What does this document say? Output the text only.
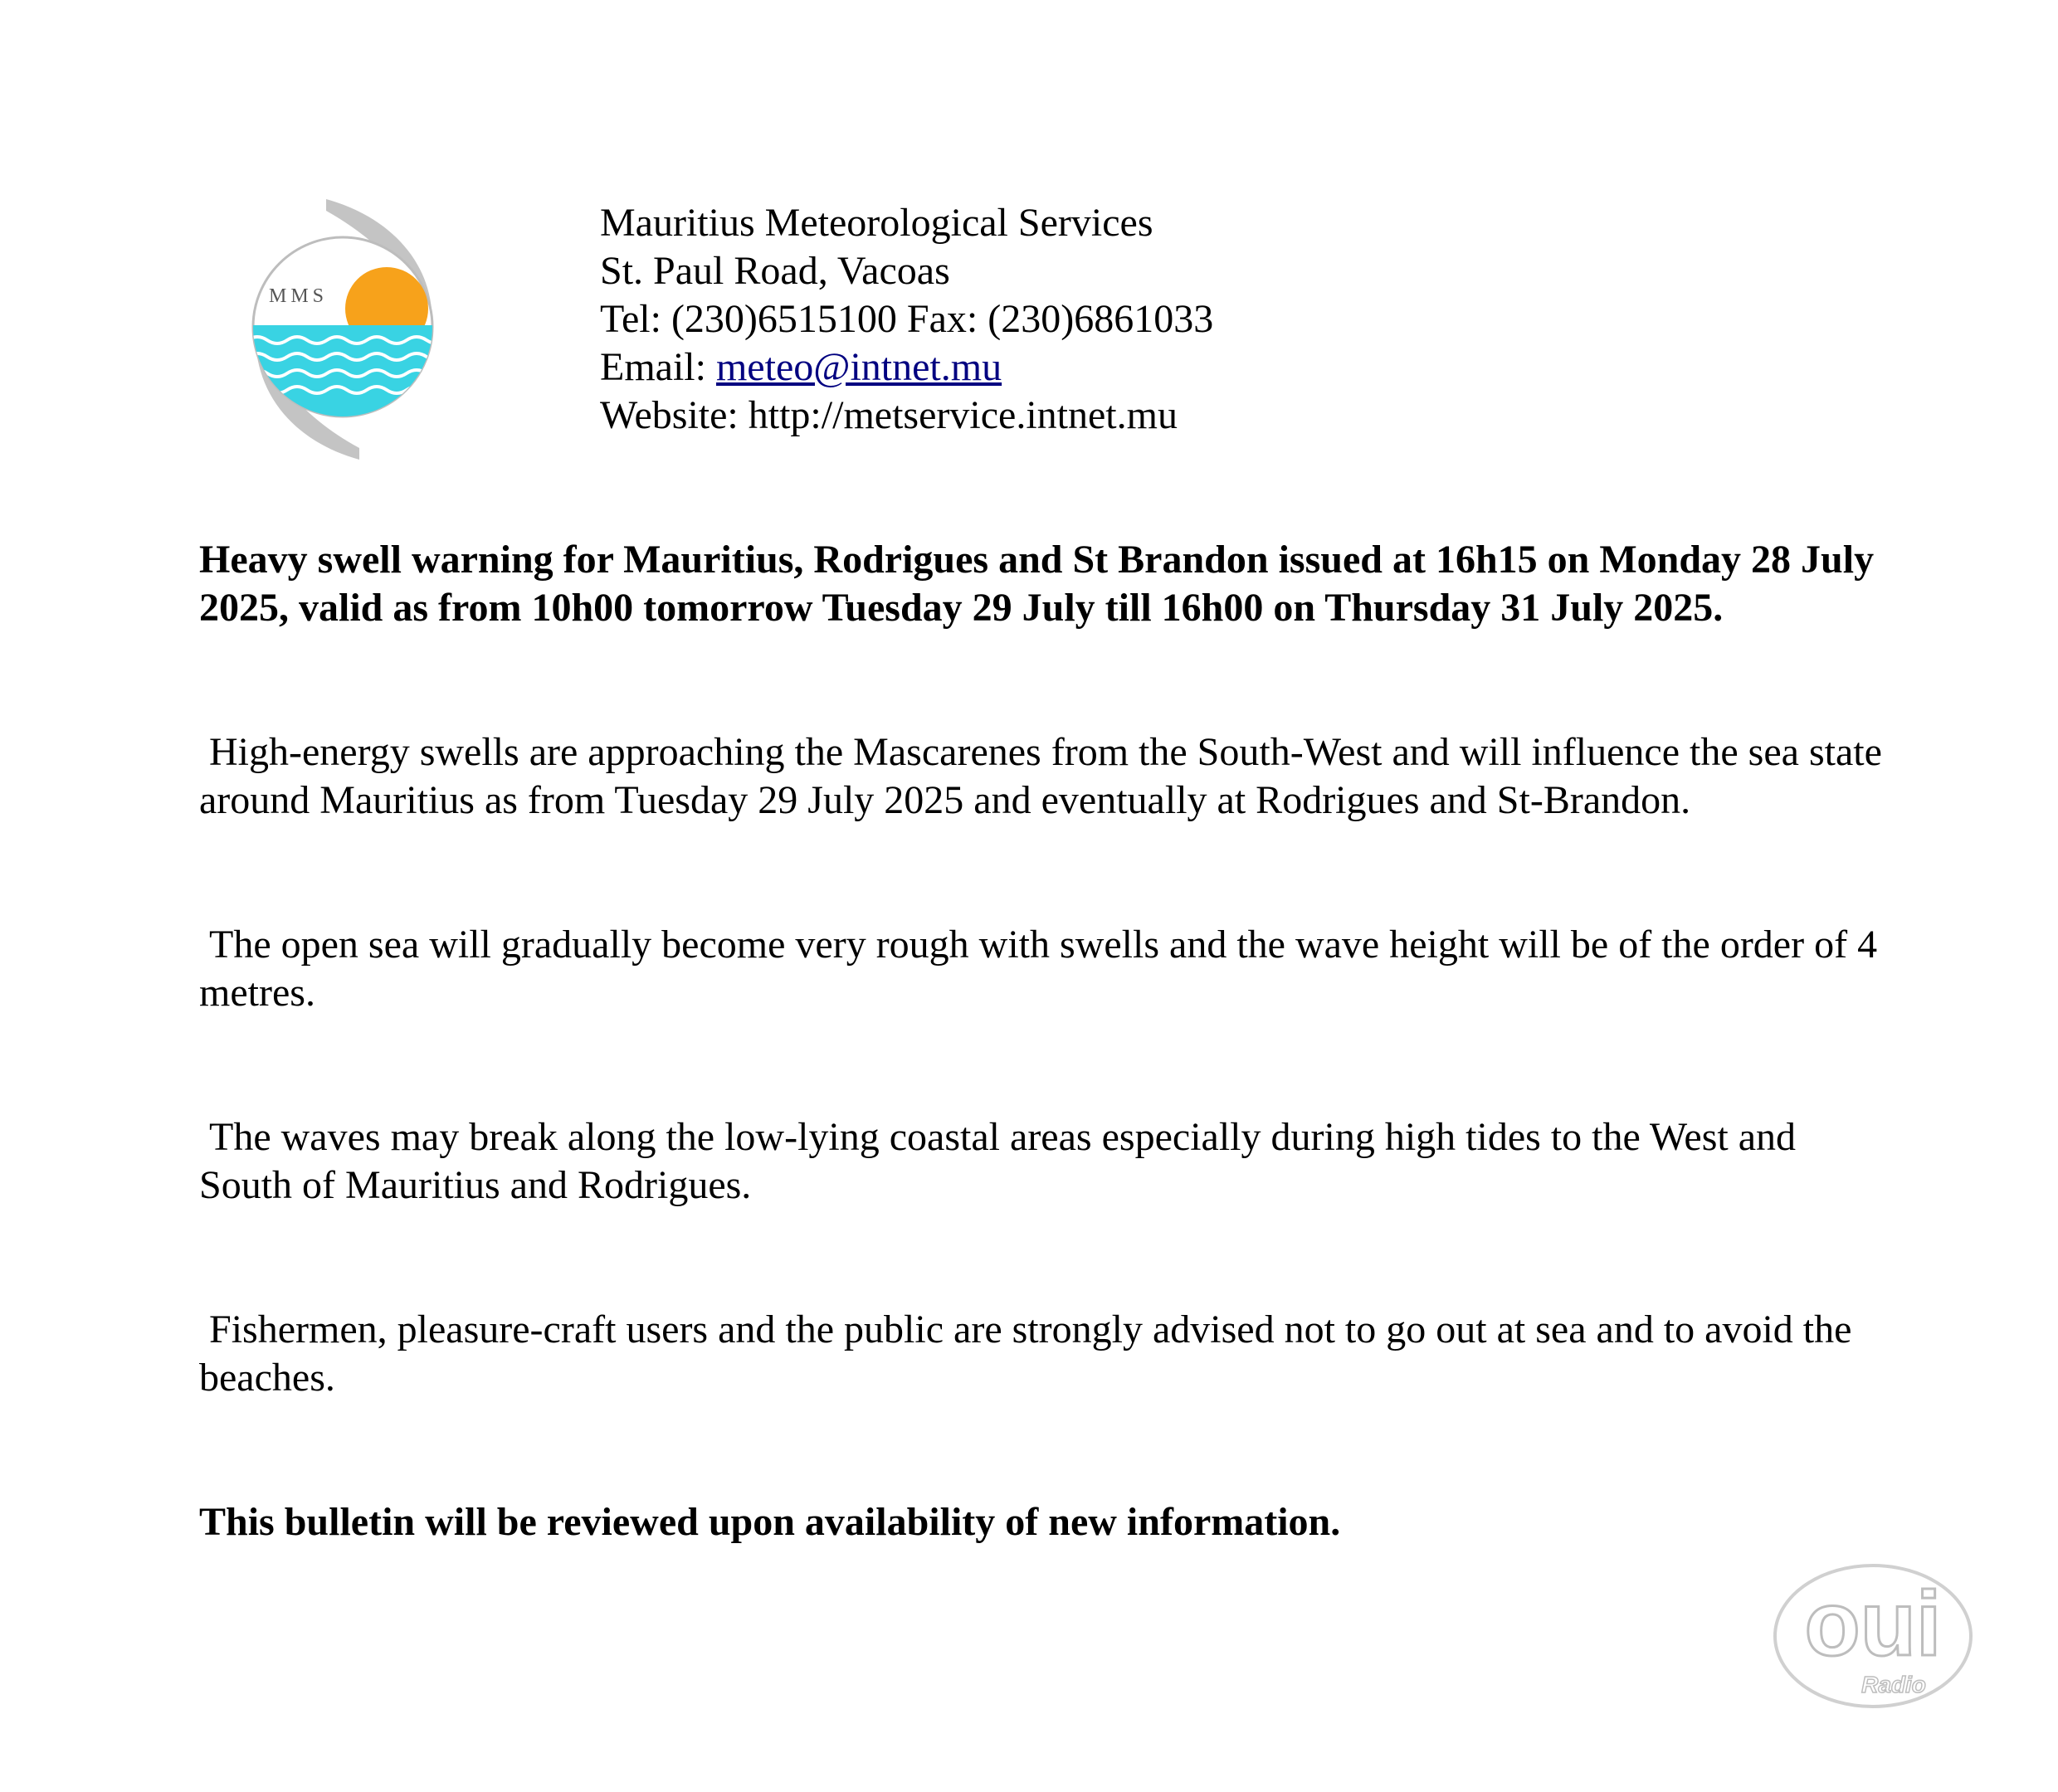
MMS
Mauritius Meteorological Services
St. Paul Road, Vacoas
Tel: (230)6515100 Fax: (230)6861033
Email: meteo@intnet.mu
Website: http://metservice.intnet.mu

Heavy swell warning for Mauritius, Rodrigues and St Brandon issued at 16h15 on Monday 28 July 2025, valid as from 10h00 tomorrow Tuesday 29 July till 16h00 on Thursday 31 July 2025.

High-energy swells are approaching the Mascarenes from the South-West and will influence the sea state around Mauritius as from Tuesday 29 July 2025 and eventually at Rodrigues and St-Brandon.

The open sea will gradually become very rough with swells and the wave height will be of the order of 4 metres.

The waves may break along the low-lying coastal areas especially during high tides to the West and South of Mauritius and Rodrigues.

Fishermen, pleasure-craft users and the public are strongly advised not to go out at sea and to avoid the beaches.

This bulletin will be reviewed upon availability of new information.

oui
Radio
